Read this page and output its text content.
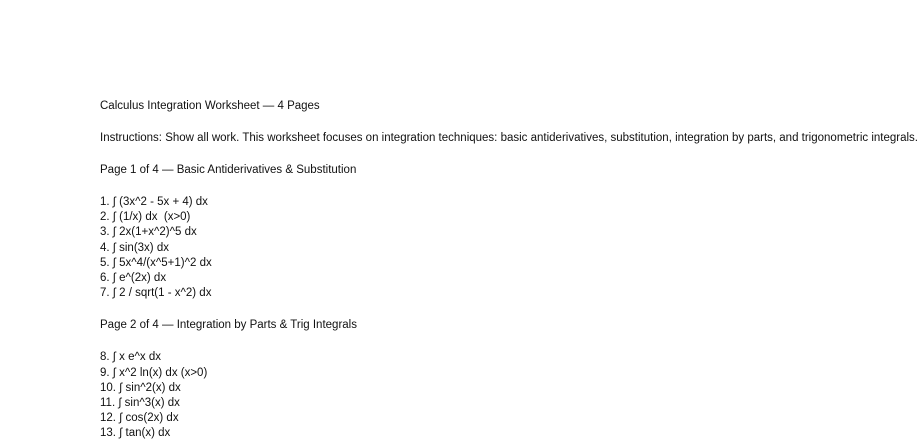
Calculus Integration Worksheet — 4 Pages
Instructions: Show all work. This worksheet focuses on integration techniques: basic antiderivatives, substitution, integration by parts, and trigonometric integrals.
Page 1 of 4 — Basic Antiderivatives & Substitution
1. ∫ (3x^2 - 5x + 4) dx
2. ∫ (1/x) dx  (x>0)
3. ∫ 2x(1+x^2)^5 dx
4. ∫ sin(3x) dx
5. ∫ 5x^4/(x^5+1)^2 dx
6. ∫ e^(2x) dx
7. ∫ 2 / sqrt(1 - x^2) dx
Page 2 of 4 — Integration by Parts & Trig Integrals
8. ∫ x e^x dx
9. ∫ x^2 ln(x) dx (x>0)
10. ∫ sin^2(x) dx
11. ∫ sin^3(x) dx
12. ∫ cos(2x) dx
13. ∫ tan(x) dx
